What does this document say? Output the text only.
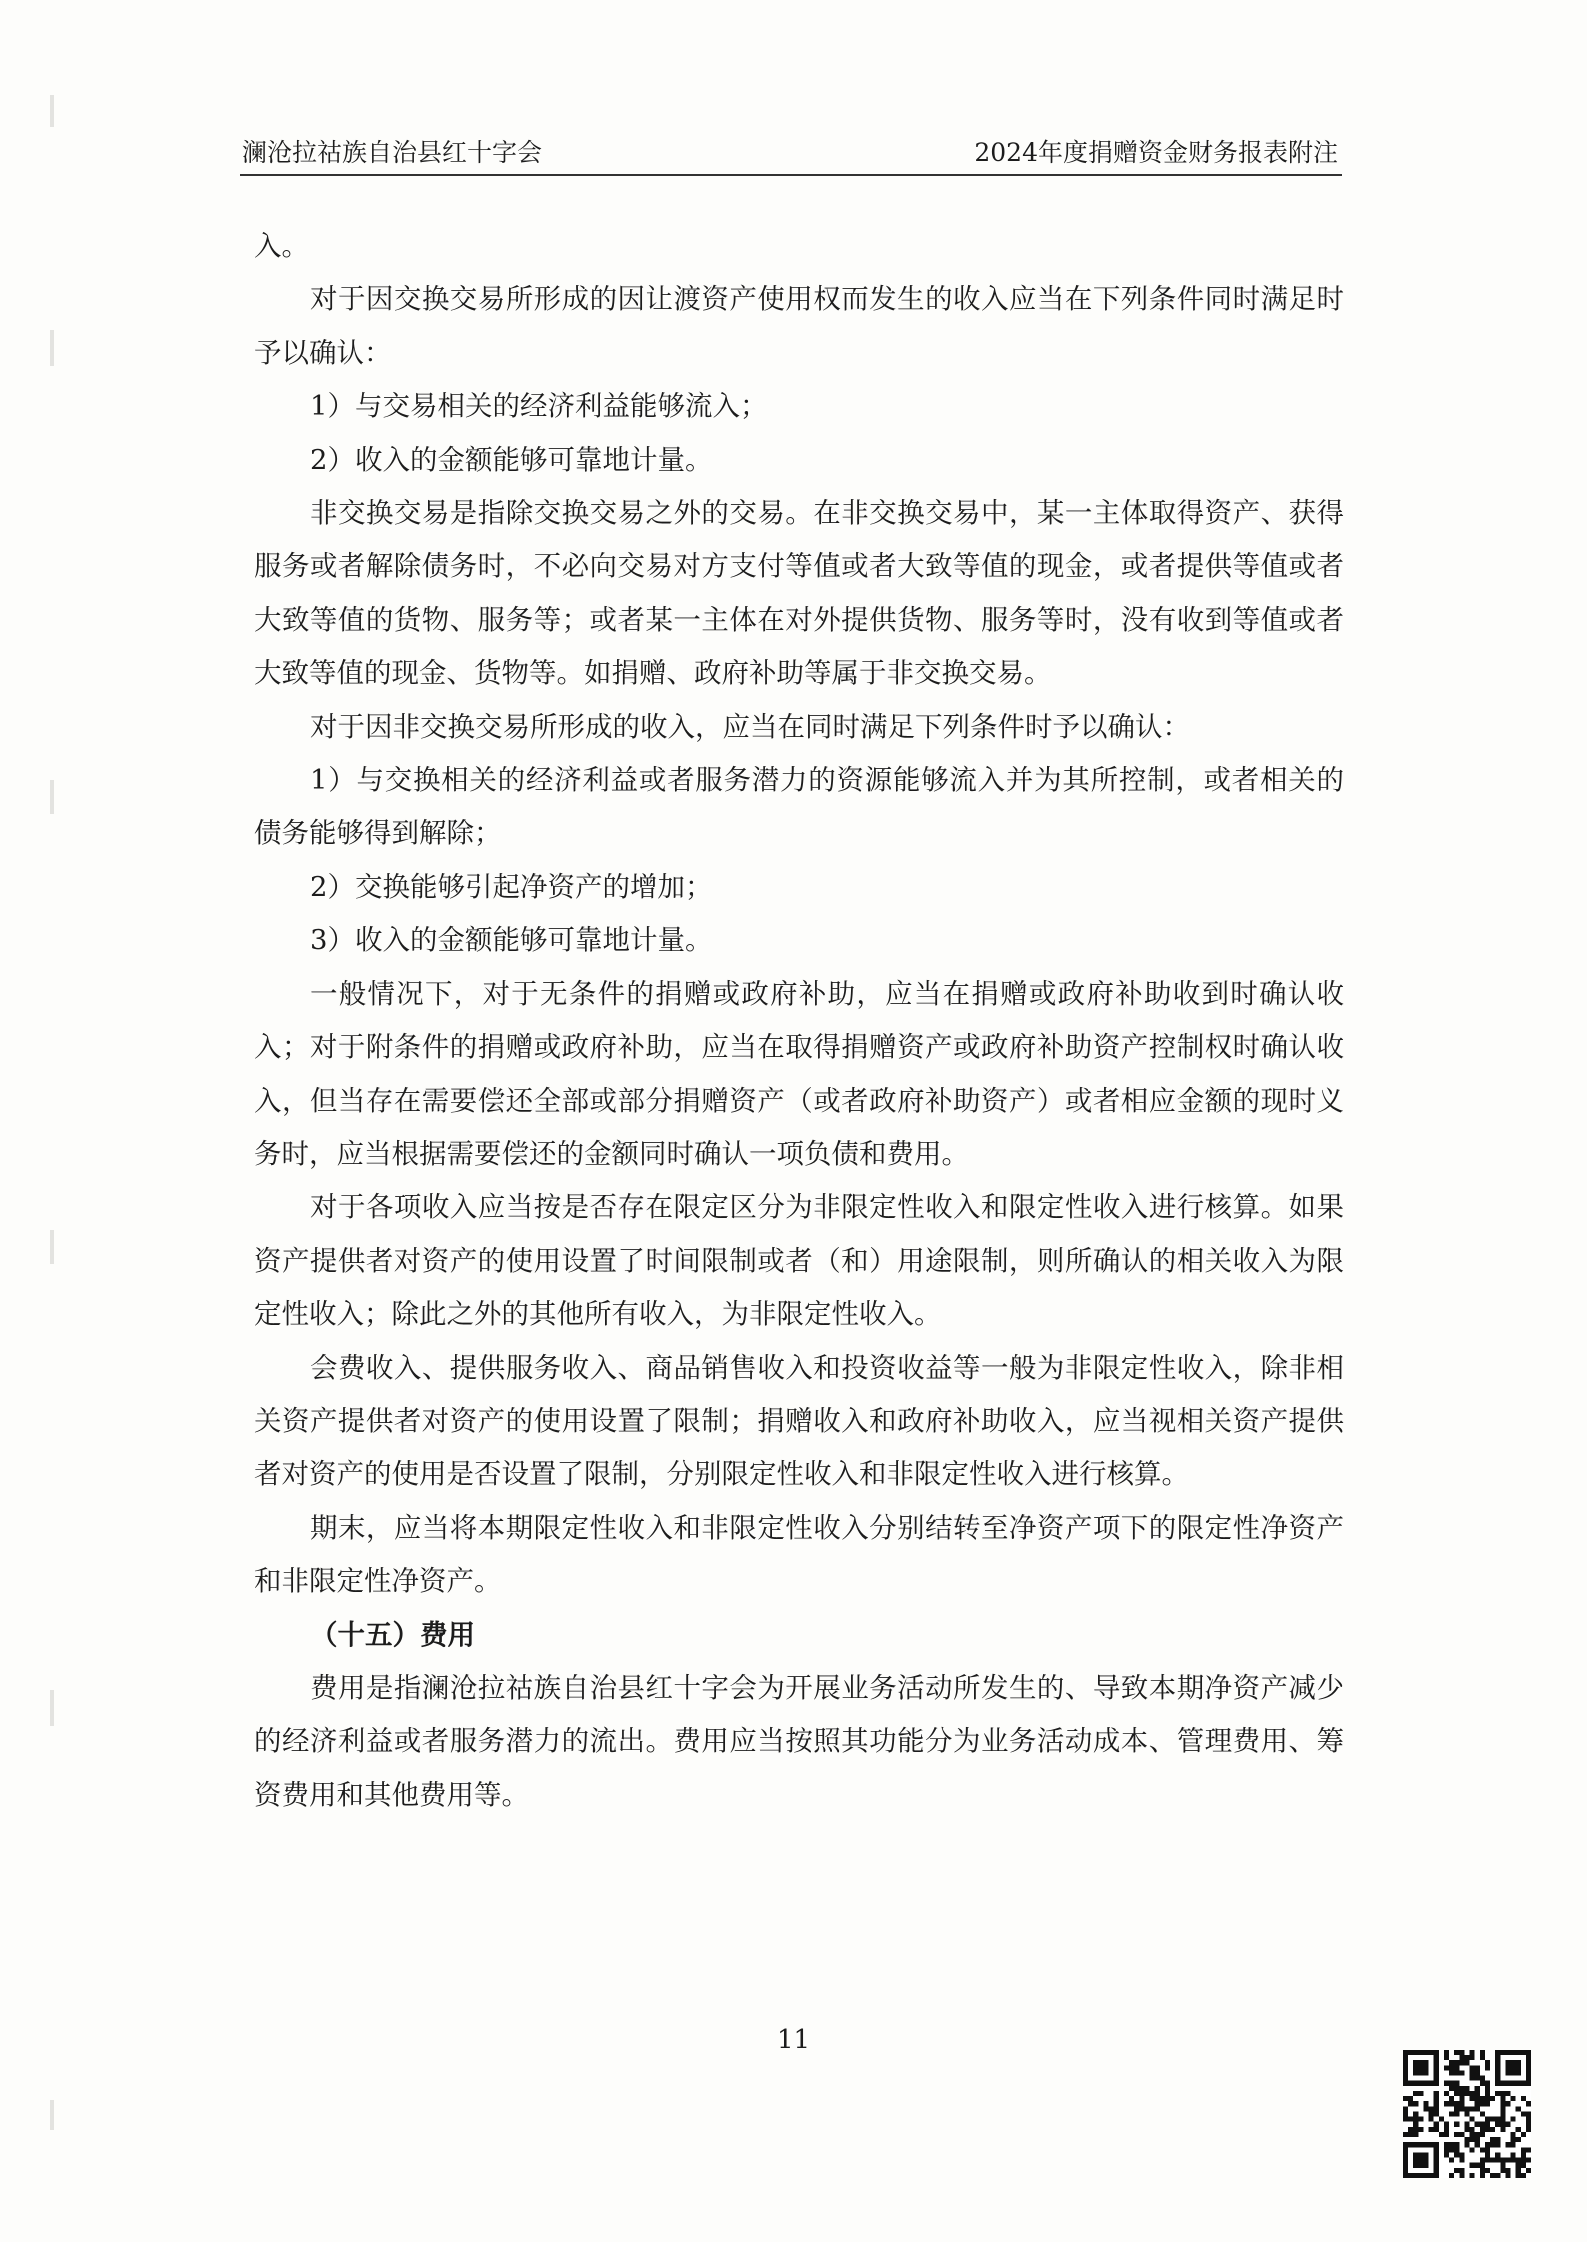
澜沧拉祜族自治县红十字会	2024年度捐赠资金财务报表附注

入。

对于因交换交易所形成的因让渡资产使用权而发生的收入应当在下列条件同时满足时予以确认：

1）与交易相关的经济利益能够流入；

2）收入的金额能够可靠地计量。

非交换交易是指除交换交易之外的交易。在非交换交易中，某一主体取得资产、获得服务或者解除债务时，不必向交易对方支付等值或者大致等值的现金，或者提供等值或者大致等值的货物、服务等；或者某一主体在对外提供货物、服务等时，没有收到等值或者大致等值的现金、货物等。如捐赠、政府补助等属于非交换交易。

对于因非交换交易所形成的收入，应当在同时满足下列条件时予以确认：

1）与交换相关的经济利益或者服务潜力的资源能够流入并为其所控制，或者相关的债务能够得到解除；

2）交换能够引起净资产的增加；

3）收入的金额能够可靠地计量。

一般情况下，对于无条件的捐赠或政府补助，应当在捐赠或政府补助收到时确认收入；对于附条件的捐赠或政府补助，应当在取得捐赠资产或政府补助资产控制权时确认收入，但当存在需要偿还全部或部分捐赠资产（或者政府补助资产）或者相应金额的现时义务时，应当根据需要偿还的金额同时确认一项负债和费用。

对于各项收入应当按是否存在限定区分为非限定性收入和限定性收入进行核算。如果资产提供者对资产的使用设置了时间限制或者（和）用途限制，则所确认的相关收入为限定性收入；除此之外的其他所有收入，为非限定性收入。

会费收入、提供服务收入、商品销售收入和投资收益等一般为非限定性收入，除非相关资产提供者对资产的使用设置了限制；捐赠收入和政府补助收入，应当视相关资产提供者对资产的使用是否设置了限制，分别限定性收入和非限定性收入进行核算。

期末，应当将本期限定性收入和非限定性收入分别结转至净资产项下的限定性净资产和非限定性净资产。

（十五）费用

费用是指澜沧拉祜族自治县红十字会为开展业务活动所发生的、导致本期净资产减少的经济利益或者服务潜力的流出。费用应当按照其功能分为业务活动成本、管理费用、筹资费用和其他费用等。

11
